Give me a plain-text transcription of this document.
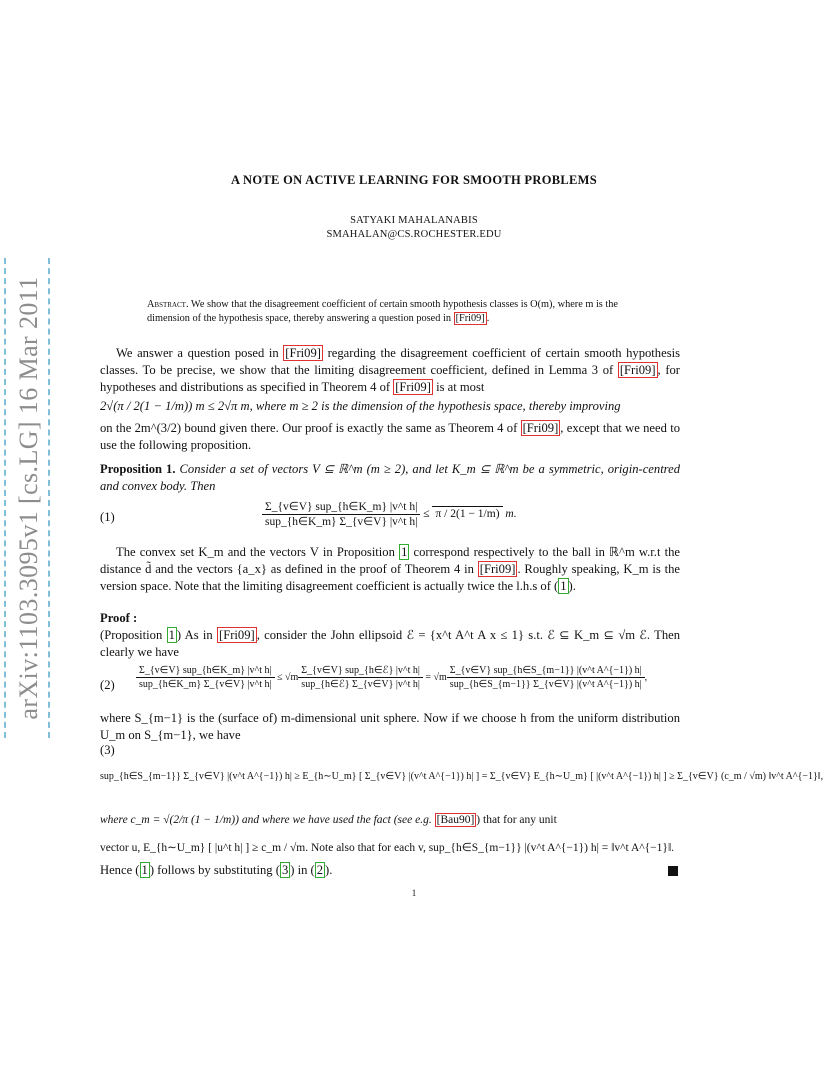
arXiv:1103.3095v1 [cs.LG] 16 Mar 2011
A NOTE ON ACTIVE LEARNING FOR SMOOTH PROBLEMS
SATYAKI MAHALANABIS
SMAHALAN@CS.ROCHESTER.EDU
Abstract. We show that the disagreement coefficient of certain smooth hypothesis classes is O(m), where m is the dimension of the hypothesis space, thereby answering a question posed in [Fri09] .
We answer a question posed in [Fri09] regarding the disagreement coefficient of certain smooth hypothesis classes. To be precise, we show that the limiting disagreement coefficient, defined in Lemma 3 of [Fri09] , for hypotheses and distributions as specified in Theorem 4 of [Fri09] is at most
2√(π / 2(1 − 1/m)) m ≤ 2√π m, where m ≥ 2 is the dimension of the hypothesis space, thereby improving
on the 2m^(3/2) bound given there. Our proof is exactly the same as Theorem 4 of [Fri09] , except that we need to use the following proposition.
Proposition 1. Consider a set of vectors V ⊆ ℝ^m (m ≥ 2), and let K_m ⊆ ℝ^m be a symmetric, origin-centred and convex body. Then
(1)	$\frac{\text{Σ\_\{v∈V\} sup\_\{h∈K\_m\} |v\textasciicircum{}t h|}}{\text{sup\_\{h∈K\_m\} Σ\_\{v∈V\} |v\textasciicircum{}t h|}} \le \pi / 2(1 - 1/m)$ m.
The convex set K_m and the vectors V in Proposition 1 correspond respectively to the ball in ℝ^m w.r.t the distance d̃ and the vectors {a_x} as defined in the proof of Theorem 4 in [Fri09] . Roughly speaking, K_m is the version space. Note that the limiting disagreement coefficient is actually twice the l.h.s of ( 1 ).
Proof :
(Proposition 1 ) As in [Fri09] , consider the John ellipsoid ℰ = {x^t A^t A x ≤ 1} s.t. ℰ ⊆ K_m ⊆ √m ℰ. Then clearly we have
$(2) \frac{\text{Σ\_\{v∈V\} sup\_\{h∈K\_m\} |v\textasciicircum{}t h|}}{\text{sup\_\{h∈K\_m\} Σ\_\{v∈V\} |v\textasciicircum{}t h|}} \le √m \frac{\text{Σ\_\{v∈V\} sup\_\{h∈ℰ\} |v\textasciicircum{}t h|}}{\text{sup\_\{h∈ℰ\} Σ\_\{v∈V\} |v\textasciicircum{}t h|}} = √m \frac{\text{Σ\_\{v∈V\} sup\_\{h∈S\_\{m−1\}\} |(v\textasciicircum{}t A\textasciicircum{}\{−1\}) h|}}{\text{sup\_\{h∈S\_\{m−1\}\} Σ\_\{v∈V\} |(v\textasciicircum{}t A\textasciicircum{}\{−1\}) h|}}$ ,
where S_{m−1} is the (surface of) m-dimensional unit sphere. Now if we choose h from the uniform distribution U_m on S_{m−1}, we have
(3)
sup_{h∈S_{m−1}} Σ_{v∈V} |(v^t A^{−1}) h| ≥ E_{h∼U_m} [ Σ_{v∈V} |(v^t A^{−1}) h| ] = Σ_{v∈V} E_{h∼U_m} [ |(v^t A^{−1}) h| ] ≥ Σ_{v∈V} (c_m / √m) ‖v^t A^{−1}‖,
where c_m = √(2/π (1 − 1/m)) and where we have used the fact (see e.g. [Bau90] ) that for any unit
vector u, E_{h∼U_m} [ |u^t h| ] ≥ c_m / √m. Note also that for each v, sup_{h∈S_{m−1}} |(v^t A^{−1}) h| = ‖v^t A^{−1}‖.
Hence ( 1 ) follows by substituting ( 3 ) in ( 2 ).
1
